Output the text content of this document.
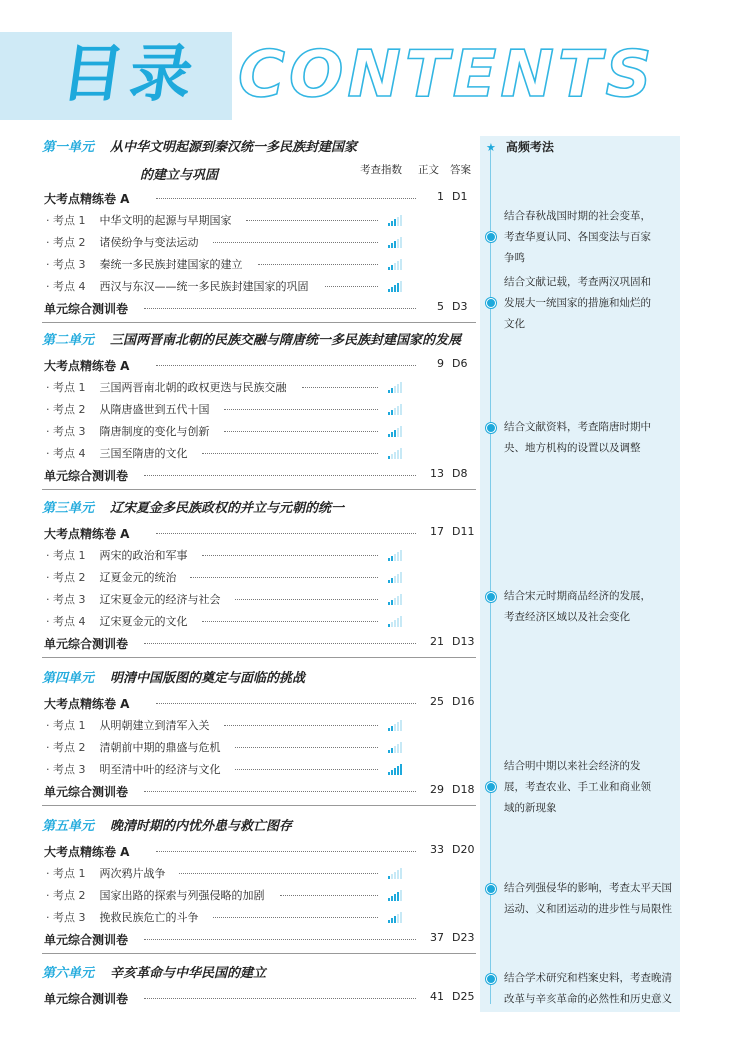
目录 CONTENTS
★ 高频考法
考查指数 正文 答案
第一单元 从中华文明起源到秦汉统一多民族封建国家
的建立与巩固
大考点精练卷 A	1 D1
· 考点 1 中华文明的起源与早期国家
· 考点 2 诸侯纷争与变法运动
· 考点 3 秦统一多民族封建国家的建立
· 考点 4 西汉与东汉——统一多民族封建国家的巩固
单元综合测训卷	5 D3
第二单元 三国两晋南北朝的民族交融与隋唐统一多民族封建国家的发展
大考点精练卷 A	9 D6
· 考点 1 三国两晋南北朝的政权更迭与民族交融
· 考点 2 从隋唐盛世到五代十国
· 考点 3 隋唐制度的变化与创新
· 考点 4 三国至隋唐的文化
单元综合测训卷	13 D8
第三单元 辽宋夏金多民族政权的并立与元朝的统一
大考点精练卷 A	17 D11
· 考点 1 两宋的政治和军事
· 考点 2 辽夏金元的统治
· 考点 3 辽宋夏金元的经济与社会
· 考点 4 辽宋夏金元的文化
单元综合测训卷	21 D13
第四单元 明清中国版图的奠定与面临的挑战
大考点精练卷 A	25 D16
· 考点 1 从明朝建立到清军入关
· 考点 2 清朝前中期的鼎盛与危机
· 考点 3 明至清中叶的经济与文化
单元综合测训卷	29 D18
第五单元 晚清时期的内忧外患与救亡图存
大考点精练卷 A	33 D20
· 考点 1 两次鸦片战争
· 考点 2 国家出路的探索与列强侵略的加剧
· 考点 3 挽救民族危亡的斗争
单元综合测训卷	37 D23
第六单元 辛亥革命与中华民国的建立
单元综合测训卷	41 D25
结合春秋战国时期的社会变革，
考查华夏认同、各国变法与百家
争鸣
结合文献记载，考查两汉巩固和
发展大一统国家的措施和灿烂的
文化
结合文献资料，考查隋唐时期中
央、地方机构的设置以及调整
结合宋元时期商品经济的发展，
考查经济区域以及社会变化
结合明中期以来社会经济的发
展，考查农业、手工业和商业领
域的新现象
结合列强侵华的影响，考查太平天国
运动、义和团运动的进步性与局限性
结合学术研究和档案史料，考查晚清
改革与辛亥革命的必然性和历史意义
